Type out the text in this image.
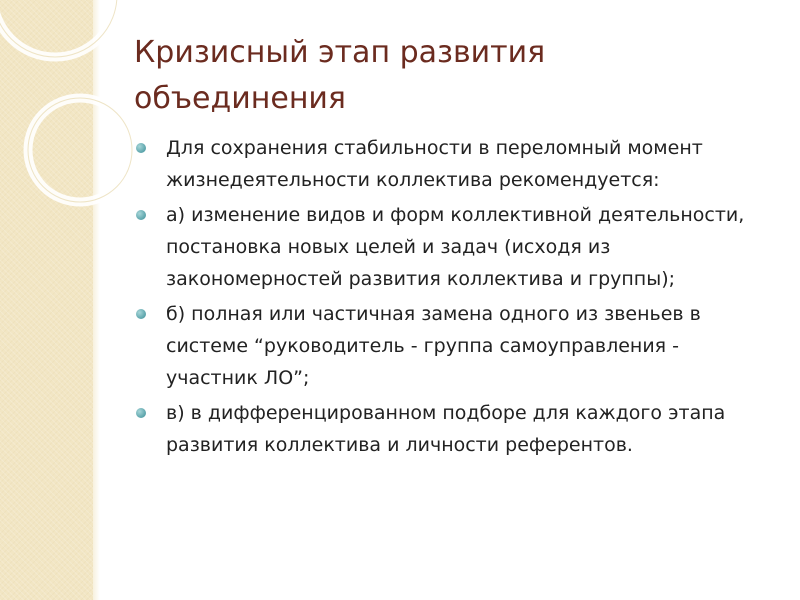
Кризисный этап развития объединения
Для сохранения стабильности в переломный момент жизнедеятельности коллектива рекомендуется:
а) изменение видов и форм коллективной деятельности, постановка новых целей и задач (исходя из закономерностей развития коллектива и группы);
б) полная или частичная замена одного из звеньев в системе “руководитель - группа самоуправления - участник ЛО”;
в) в дифференцированном подборе для каждого этапа развития коллектива и личности референтов.
